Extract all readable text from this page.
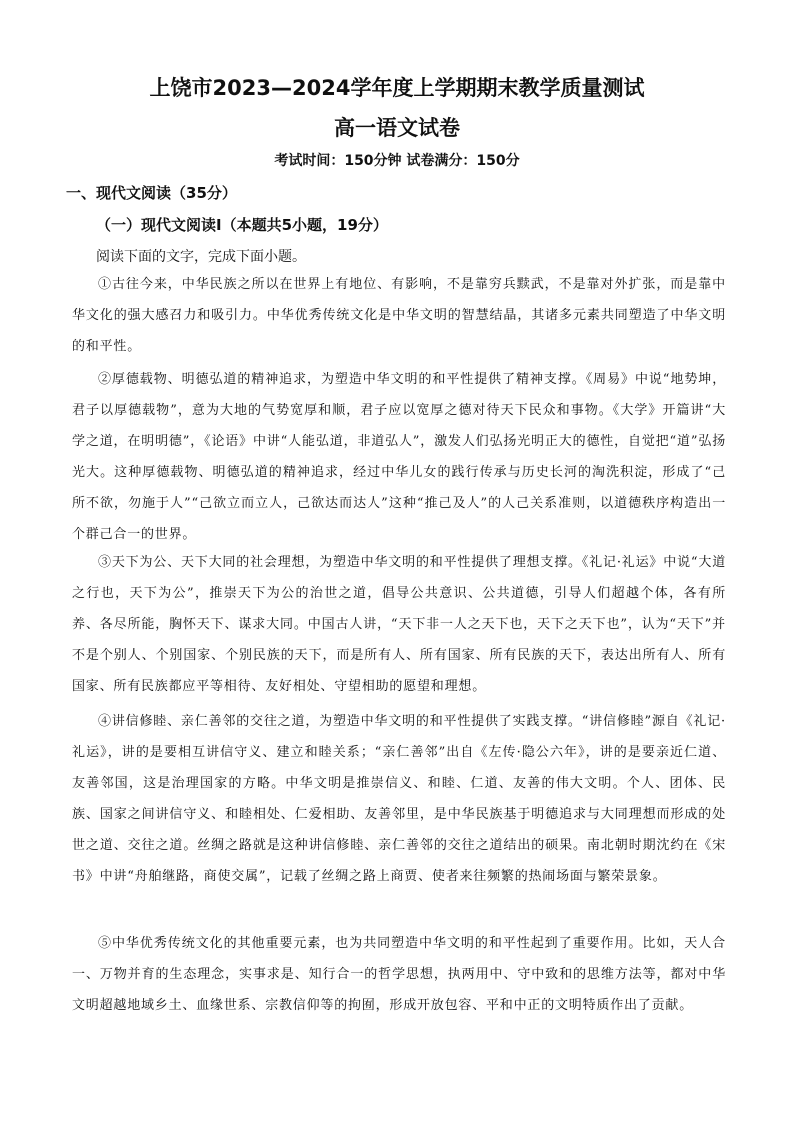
上饶市2023—2024学年度上学期期末教学质量测试
高一语文试卷
考试时间：150分钟 试卷满分：150分
一、现代文阅读（35分）
（一）现代文阅读Ⅰ（本题共5小题，19分）
阅读下面的文字，完成下面小题。

①古往今来，中华民族之所以在世界上有地位、有影响，不是靠穷兵黩武，不是靠对外扩张，而是靠中华文化的强大感召力和吸引力。中华优秀传统文化是中华文明的智慧结晶，其诸多元素共同塑造了中华文明的和平性。

②厚德载物、明德弘道的精神追求，为塑造中华文明的和平性提供了精神支撑。《周易》中说“地势坤，君子以厚德载物”，意为大地的气势宽厚和顺，君子应以宽厚之德对待天下民众和事物。《大学》开篇讲“大学之道，在明明德”，《论语》中讲“人能弘道，非道弘人”，激发人们弘扬光明正大的德性，自觉把“道”弘扬光大。这种厚德载物、明德弘道的精神追求，经过中华儿女的践行传承与历史长河的淘洗积淀，形成了“己所不欲，勿施于人”“己欲立而立人，己欲达而达人”这种“推己及人”的人己关系准则，以道德秩序构造出一个群己合一的世界。

③天下为公、天下大同的社会理想，为塑造中华文明的和平性提供了理想支撑。《礼记·礼运》中说“大道之行也，天下为公”，推崇天下为公的治世之道，倡导公共意识、公共道德，引导人们超越个体，各有所养、各尽所能，胸怀天下、谋求大同。中国古人讲，“天下非一人之天下也，天下之天下也”，认为“天下”并不是个别人、个别国家、个别民族的天下，而是所有人、所有国家、所有民族的天下，表达出所有人、所有国家、所有民族都应平等相待、友好相处、守望相助的愿望和理想。

④讲信修睦、亲仁善邻的交往之道，为塑造中华文明的和平性提供了实践支撑。“讲信修睦”源自《礼记·礼运》，讲的是要相互讲信守义、建立和睦关系；“亲仁善邻”出自《左传·隐公六年》，讲的是要亲近仁道、友善邻国，这是治理国家的方略。中华文明是推崇信义、和睦、仁道、友善的伟大文明。个人、团体、民族、国家之间讲信守义、和睦相处、仁爱相助、友善邻里，是中华民族基于明德追求与大同理想而形成的处世之道、交往之道。丝绸之路就是这种讲信修睦、亲仁善邻的交往之道结出的硕果。南北朝时期沈约在《宋书》中讲“舟舶继路，商使交属”，记载了丝绸之路上商贾、使者来往频繁的热闹场面与繁荣景象。

⑤中华优秀传统文化的其他重要元素，也为共同塑造中华文明的和平性起到了重要作用。比如，天人合一、万物并育的生态理念，实事求是、知行合一的哲学思想，执两用中、守中致和的思维方法等，都对中华文明超越地域乡土、血缘世系、宗教信仰等的拘囿，形成开放包容、平和中正的文明特质作出了贡献。
